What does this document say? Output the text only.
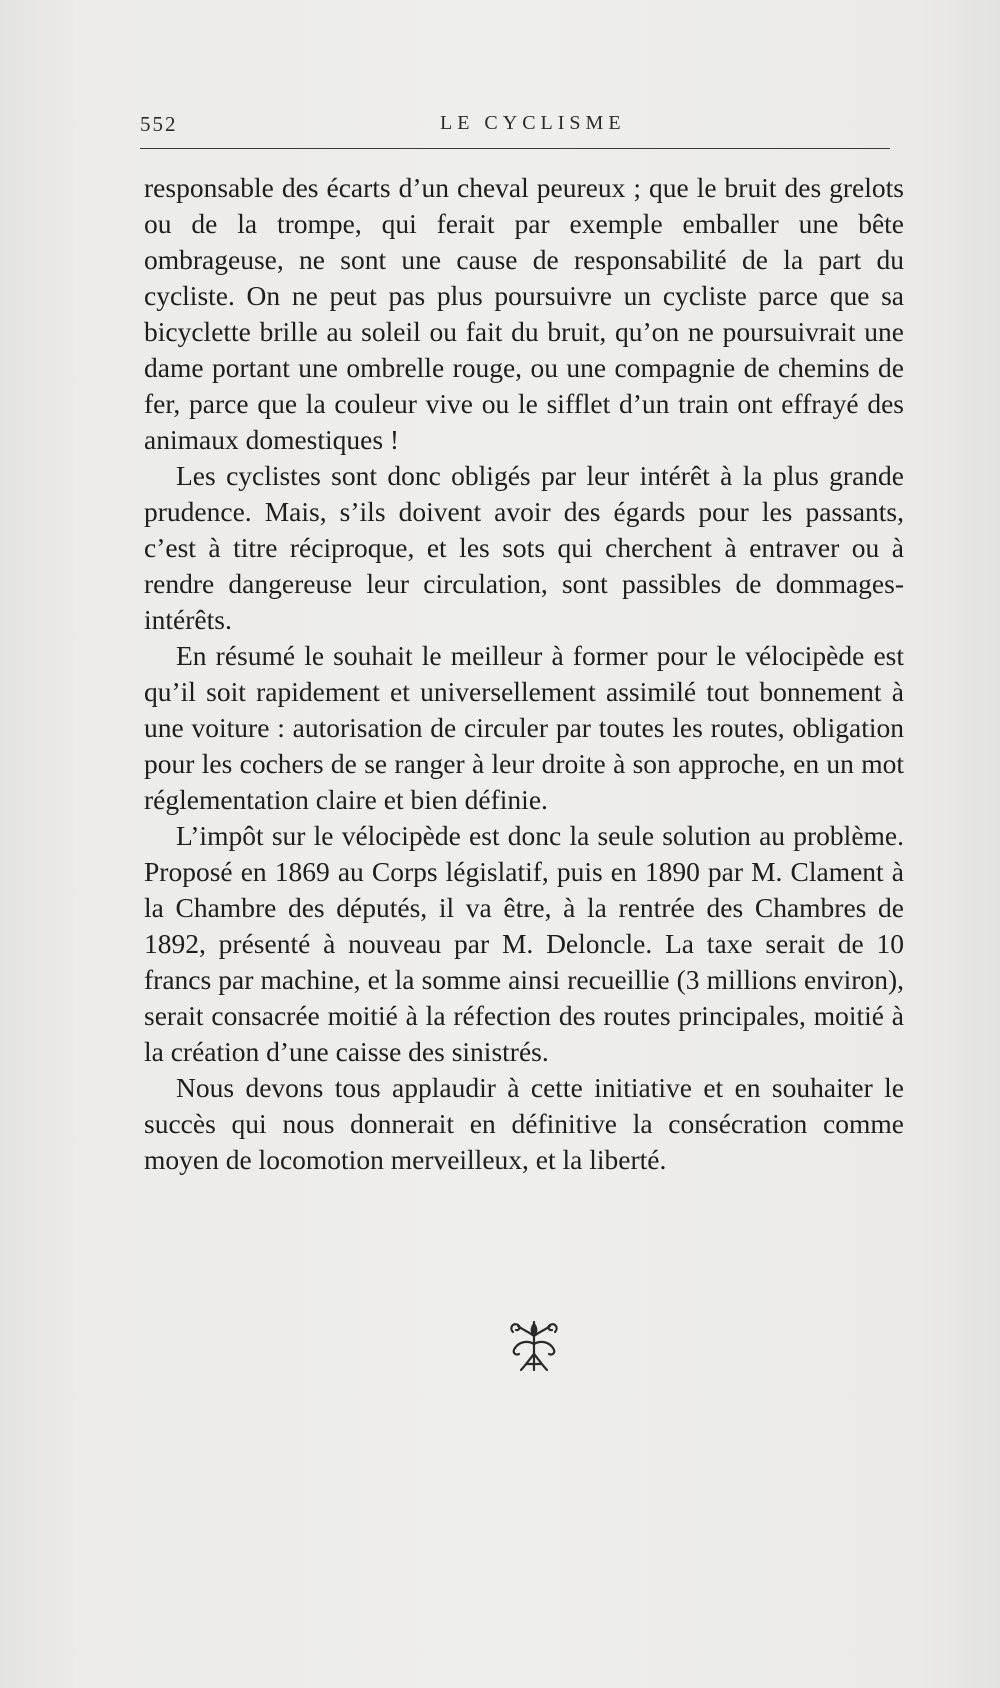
552	LE CYCLISME

responsable des écarts d’un cheval peureux ; que le bruit des grelots ou de la trompe, qui ferait par exemple emballer une bête ombrageuse, ne sont une cause de responsabilité de la part du cycliste. On ne peut pas plus poursuivre un cycliste parce que sa bicyclette brille au soleil ou fait du bruit, qu’on ne poursuivrait une dame portant une ombrelle rouge, ou une compagnie de chemins de fer, parce que la couleur vive ou le sifflet d’un train ont effrayé des animaux domestiques !

Les cyclistes sont donc obligés par leur intérêt à la plus grande prudence. Mais, s’ils doivent avoir des égards pour les passants, c’est à titre réciproque, et les sots qui cherchent à entraver ou à rendre dangereuse leur circulation, sont passibles de dommages-intérêts.

En résumé le souhait le meilleur à former pour le vélocipède est qu’il soit rapidement et universellement assimilé tout bonnement à une voiture : autorisation de circuler par toutes les routes, obligation pour les cochers de se ranger à leur droite à son approche, en un mot réglementation claire et bien définie.

L’impôt sur le vélocipède est donc la seule solution au problème. Proposé en 1869 au Corps législatif, puis en 1890 par M. Clament à la Chambre des députés, il va être, à la rentrée des Chambres de 1892, présenté à nouveau par M. Deloncle. La taxe serait de 10 francs par machine, et la somme ainsi recueillie (3 millions environ), serait consacrée moitié à la réfection des routes principales, moitié à la création d’une caisse des sinistrés.

Nous devons tous applaudir à cette initiative et en souhaiter le succès qui nous donnerait en définitive la consécration comme moyen de locomotion merveilleux, et la liberté.
